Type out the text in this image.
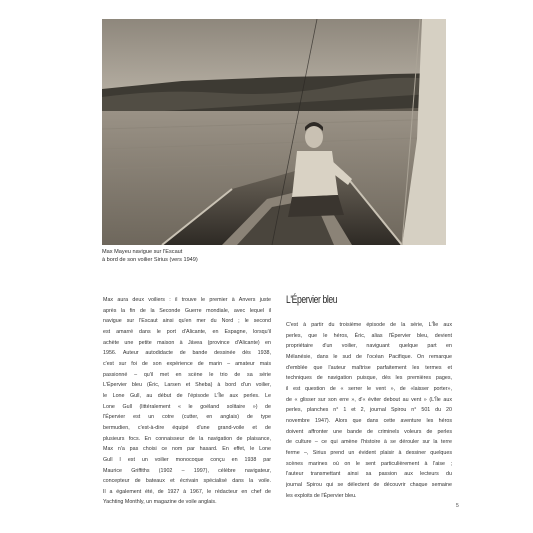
Max Mayeu navigue sur l'Escaut
à bord de son voilier Sirius (vers 1949)
Max aura deux voiliers : il trouve le premier à Anvers juste
après la fin de la Seconde Guerre mondiale, avec lequel il
navigue sur l'Escaut ainsi qu'en mer du Nord ; le second
est amarré dans le port d'Alicante, en Espagne, lorsqu'il
achète une petite maison à Jávea (province d'Alicante) en
1956. Auteur autodidacte de bande dessinée dès 1938,
c'est sur foi de son expérience de marin – amateur mais
passionné – qu'il met en scène le trio de sa série
L'Épervier bleu (Éric, Larsen et Sheba) à bord d'un voilier,
le Lone Gull, au début de l'épisode L'Île aux perles. Le
Lone Gull (littéralement « le goéland solitaire ») de
l'Épervier est un cotre (cutter, en anglais) de type
bermudien, c'est-à-dire équipé d'une grand-voile et de
plusieurs focs. En connaisseur de la navigation de plaisance,
Max n'a pas choisi ce nom par hasard. En effet, le Lone
Gull I est un voilier monocoque conçu en 1938 par
Maurice Griffiths (1902 – 1997), célèbre navigateur,
concepteur de bateaux et écrivain spécialisé dans la voile.
Il a également été, de 1927 à 1967, le rédacteur en chef de
Yachting Monthly, un magazine de voile anglais.
L'Épervier bleu
C'est à partir du troisième épisode de la série, L'Île aux
perles, que le héros, Éric, alias l'Épervier bleu, devient
propriétaire d'un voilier, naviguant quelque part en
Mélanésie, dans le sud de l'océan Pacifique. On remarque
d'emblée que l'auteur maîtrise parfaitement les termes et
techniques de navigation puisque, dès les premières pages,
il est question de « serrer le vent », de «laisser porter»,
de « glisser sur son erre », d'« éviter debout au vent » (L'Île aux
perles, planches n° 1 et 2, journal Spirou n° 501 du 20
novembre 1947). Alors que dans cette aventure les héros
doivent affronter une bande de criminels voleurs de perles
de culture – ce qui amène l'histoire à se dérouler sur la terre
ferme –, Sirius prend un évident plaisir à dessiner quelques
scènes marines où on le sent particulièrement à l'aise ;
l'auteur transmettant ainsi sa passion aux lecteurs du
journal Spirou qui se délectent de découvrir chaque semaine
les exploits de l'Épervier bleu.
5
